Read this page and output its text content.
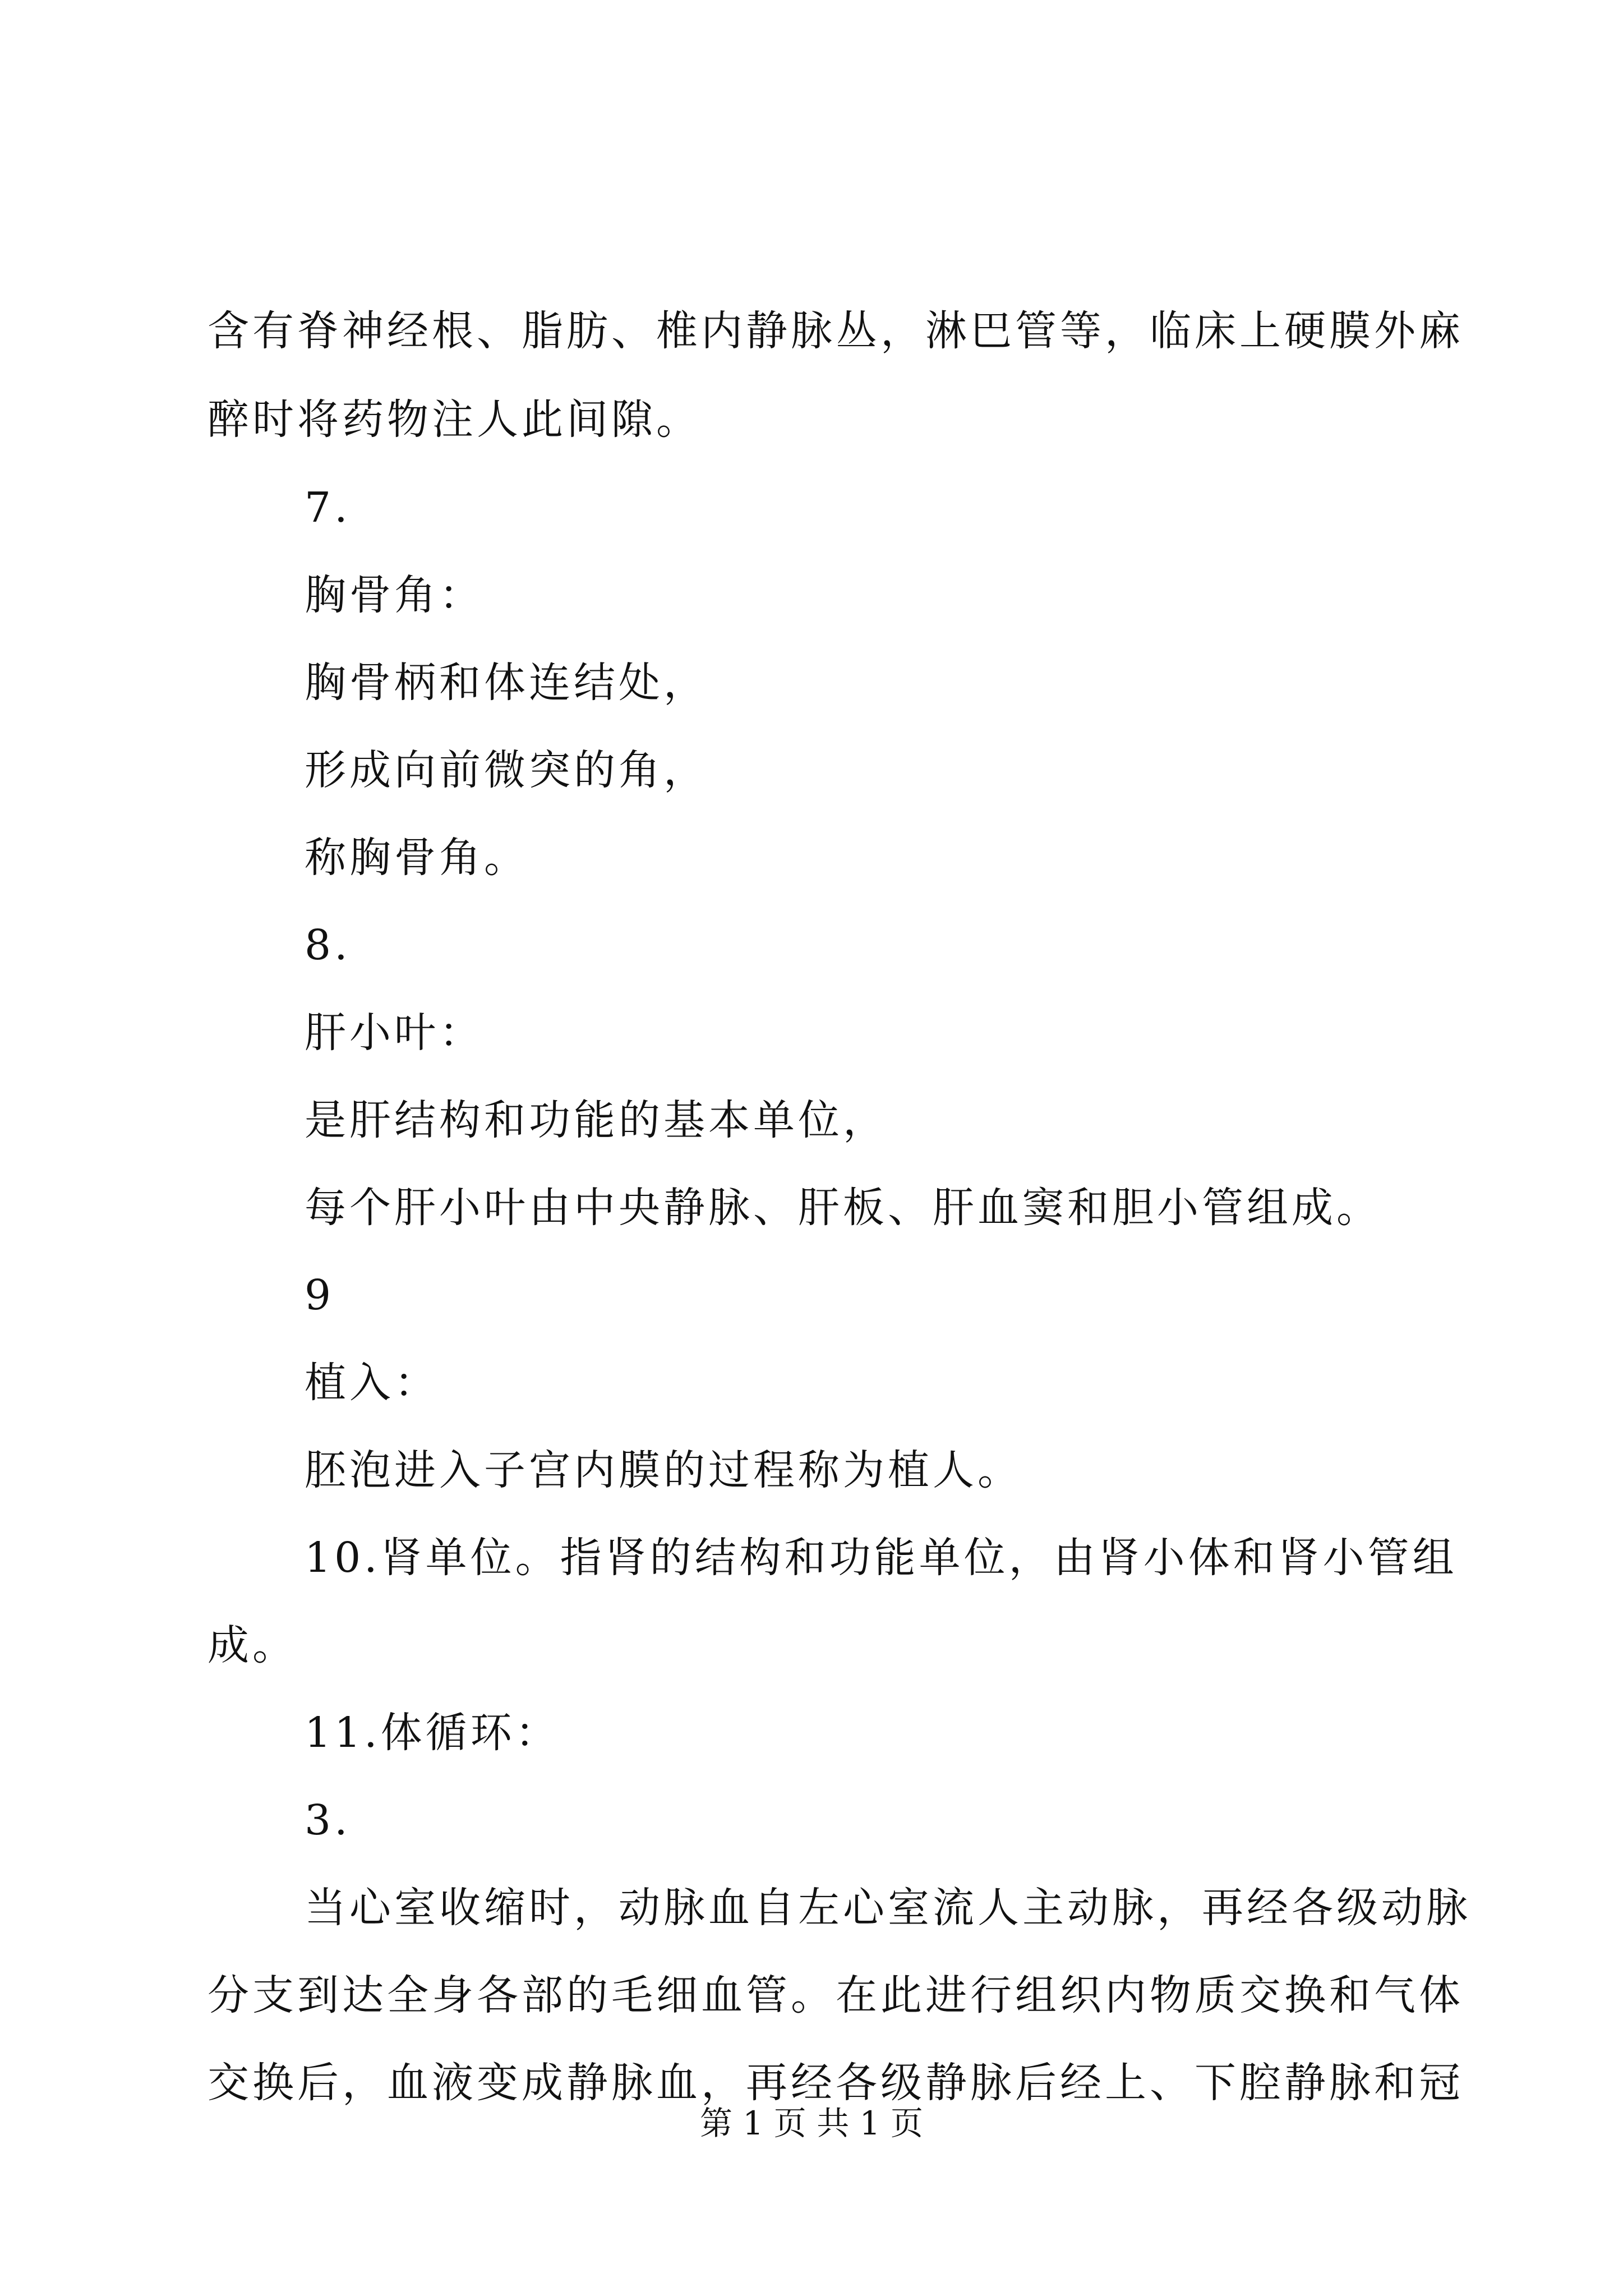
含有脊神经根、脂肪、椎内静脉丛，淋巴管等，临床上硬膜外麻
醉时将药物注人此间隙。
7.
胸骨角：
胸骨柄和体连结处，
形成向前微突的角，
称胸骨角。
8.
肝小叶：
是肝结构和功能的基本单位，
每个肝小叶由中央静脉、肝板、肝血窦和胆小管组成。
9
植入：
胚泡进入子宫内膜的过程称为植人。
10.肾单位。指肾的结构和功能单位，由肾小体和肾小管组
成。
11.体循环：
3.
当心室收缩时，动脉血自左心室流人主动脉，再经各级动脉
分支到达全身各部的毛细血管。在此进行组织内物质交换和气体
交换后，血液变成静脉血，再经各级静脉后经上、下腔静脉和冠
第 1 页 共 1 页
